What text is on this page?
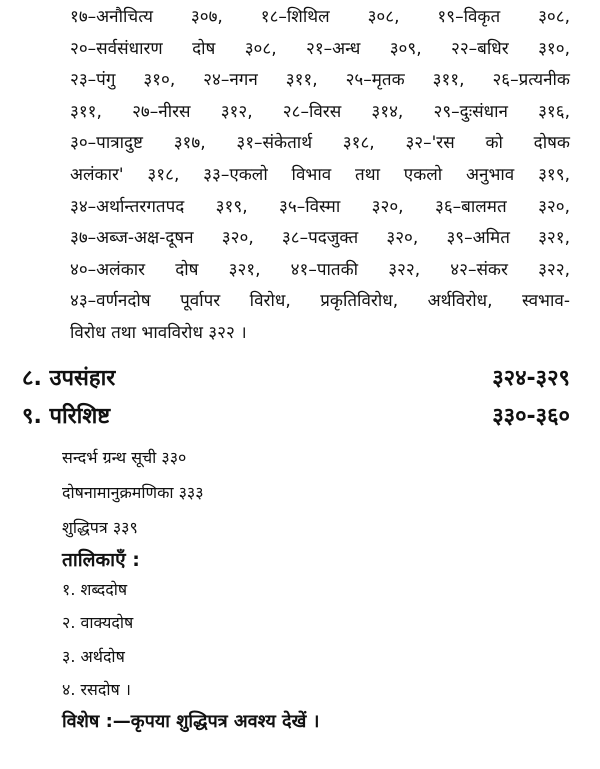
१७–अनौचित्य ३०७, १८–शिथिल ३०८, १९–विकृत ३०८,
२०–सर्वसंधारण दोष ३०८, २१–अन्ध ३०९, २२–बधिर ३१०,
२३–पंगु ३१०, २४–नगन ३११, २५–मृतक ३११, २६–प्रत्यनीक
३११, २७–नीरस ३१२, २८–विरस ३१४, २९–दुःसंधान ३१६,
३०–पात्रादुष्ट ३१७, ३१–संकेतार्थ ३१८, ३२–'रस को दोषक
अलंकार' ३१८, ३३–एकलो विभाव तथा एकलो अनुभाव ३१९,
३४–अर्थान्तरगतपद ३१९, ३५–विस्मा ३२०, ३६–बालमत ३२०,
३७–अब्ज-अक्ष-दूषन ३२०, ३८–पदजुक्त ३२०, ३९–अमित ३२१,
४०–अलंकार दोष ३२१, ४१–पातकी ३२२, ४२–संकर ३२२,
४३–वर्णनदोष पूर्वापर विरोध, प्रकृतिविरोध, अर्थविरोध, स्वभाव-
विरोध तथा भावविरोध ३२२ ।
८. उपसंहार	३२४-३२९
९. परिशिष्ट	३३०-३६०
सन्दर्भ ग्रन्थ सूची ३३०
दोषनामानुक्रमणिका ३३३
शुद्धिपत्र ३३९
तालिकाएँ :
१. शब्ददोष
२. वाक्यदोष
३. अर्थदोष
४. रसदोष ।
विशेष :—कृपया शुद्धिपत्र अवश्य देखें ।
